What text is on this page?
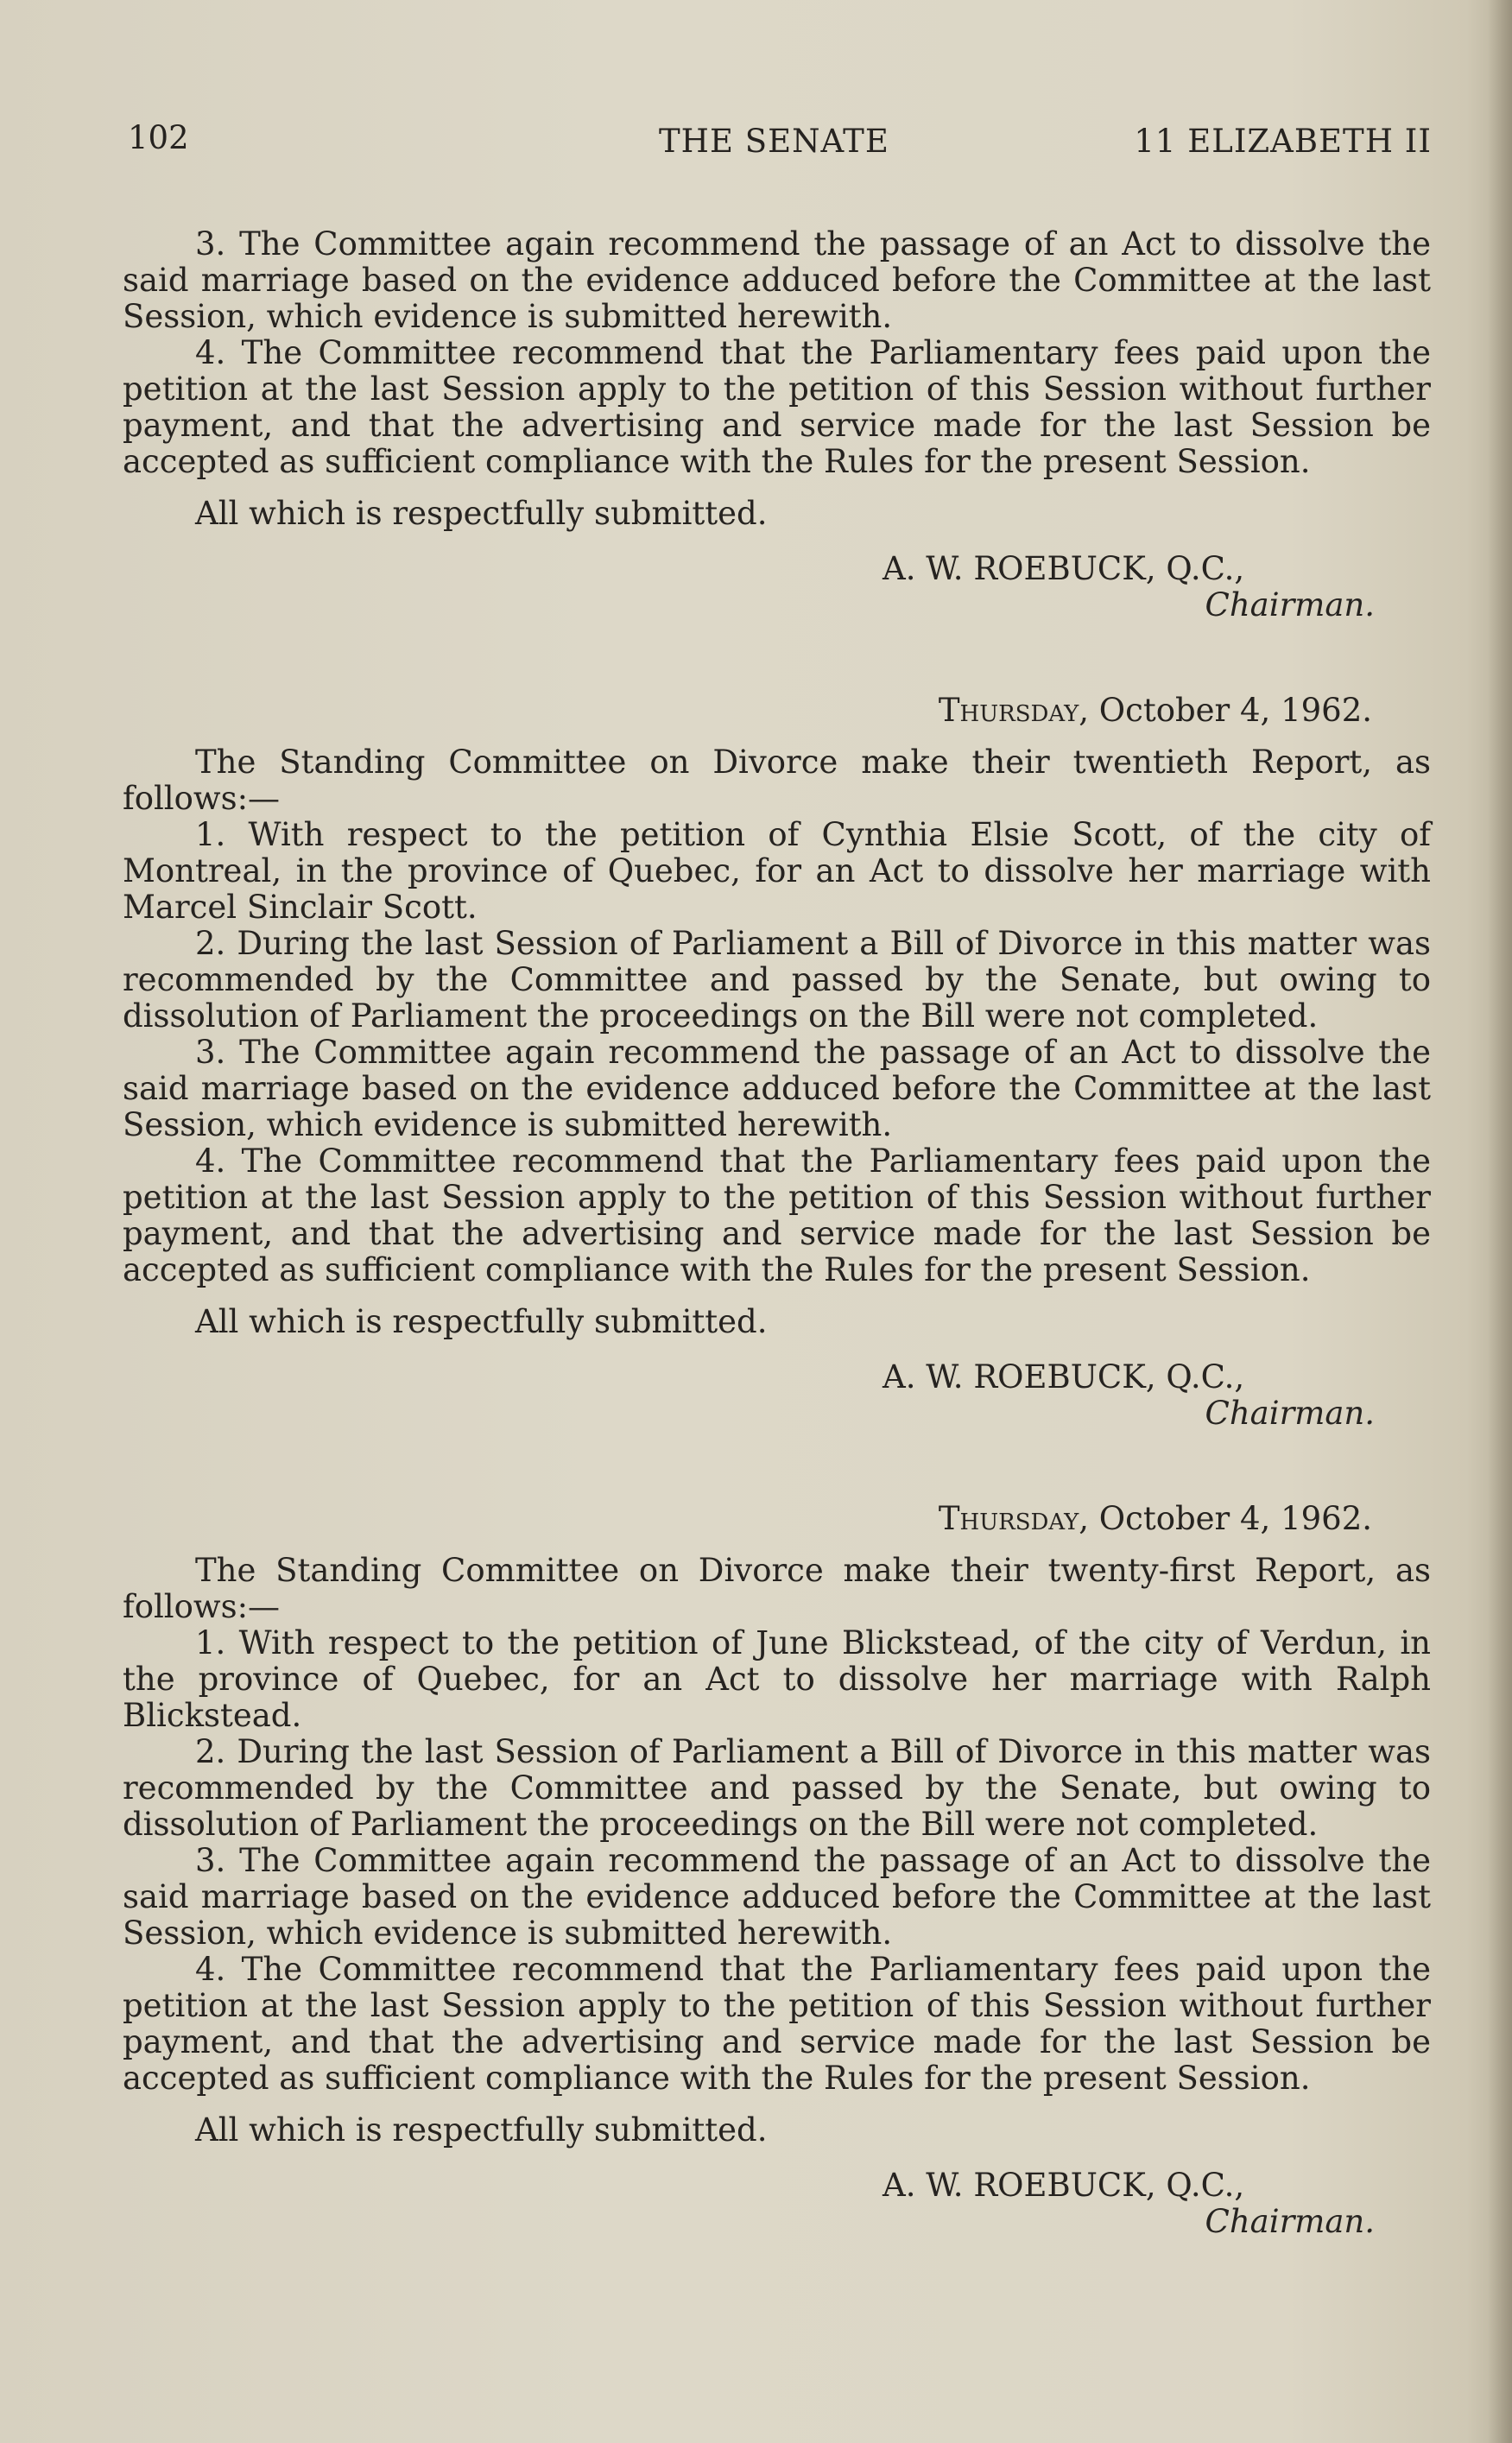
102	THE SENATE	11 ELIZABETH II

3. The Committee again recommend the passage of an Act to dissolve the said marriage based on the evidence adduced before the Committee at the last Session, which evidence is submitted herewith.

4. The Committee recommend that the Parliamentary fees paid upon the petition at the last Session apply to the petition of this Session without further payment, and that the advertising and service made for the last Session be accepted as sufficient compliance with the Rules for the present Session.

All which is respectfully submitted.

A. W. ROEBUCK, Q.C.,
Chairman.

Thursday, October 4, 1962.

The Standing Committee on Divorce make their twentieth Report, as follows:—

1. With respect to the petition of Cynthia Elsie Scott, of the city of Montreal, in the province of Quebec, for an Act to dissolve her marriage with Marcel Sinclair Scott.

2. During the last Session of Parliament a Bill of Divorce in this matter was recommended by the Committee and passed by the Senate, but owing to dissolution of Parliament the proceedings on the Bill were not completed.

3. The Committee again recommend the passage of an Act to dissolve the said marriage based on the evidence adduced before the Committee at the last Session, which evidence is submitted herewith.

4. The Committee recommend that the Parliamentary fees paid upon the petition at the last Session apply to the petition of this Session without further payment, and that the advertising and service made for the last Session be accepted as sufficient compliance with the Rules for the present Session.

All which is respectfully submitted.

A. W. ROEBUCK, Q.C.,
Chairman.

Thursday, October 4, 1962.

The Standing Committee on Divorce make their twenty-first Report, as follows:—

1. With respect to the petition of June Blickstead, of the city of Verdun, in the province of Quebec, for an Act to dissolve her marriage with Ralph Blickstead.

2. During the last Session of Parliament a Bill of Divorce in this matter was recommended by the Committee and passed by the Senate, but owing to dissolution of Parliament the proceedings on the Bill were not completed.

3. The Committee again recommend the passage of an Act to dissolve the said marriage based on the evidence adduced before the Committee at the last Session, which evidence is submitted herewith.

4. The Committee recommend that the Parliamentary fees paid upon the petition at the last Session apply to the petition of this Session without further payment, and that the advertising and service made for the last Session be accepted as sufficient compliance with the Rules for the present Session.

All which is respectfully submitted.

A. W. ROEBUCK, Q.C.,
Chairman.
